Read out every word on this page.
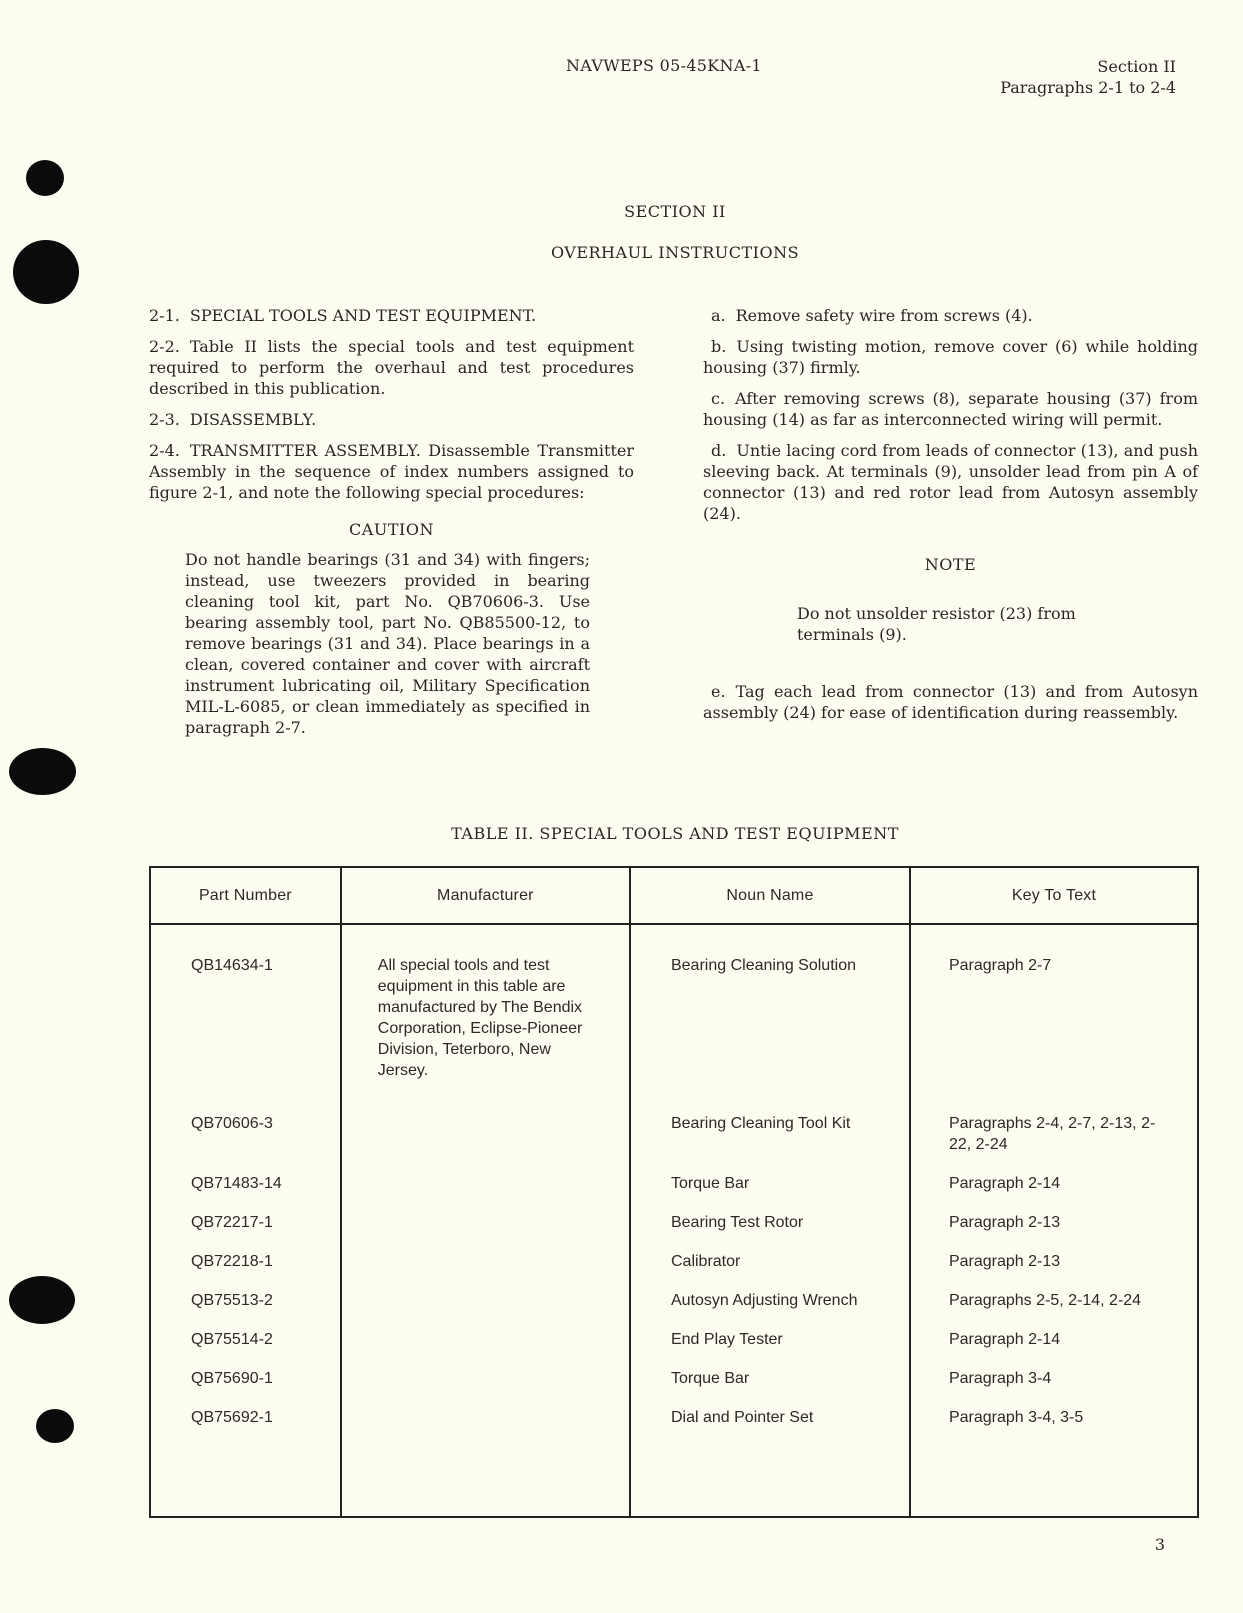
NAVWEPS 05-45KNA-1	Section II
Paragraphs 2-1 to 2-4
SECTION II
OVERHAUL INSTRUCTIONS

2-1. SPECIAL TOOLS AND TEST EQUIPMENT.

2-2. Table II lists the special tools and test equipment required to perform the overhaul and test procedures described in this publication.

2-3. DISASSEMBLY.

2-4. TRANSMITTER ASSEMBLY. Disassemble Transmitter Assembly in the sequence of index numbers assigned to figure 2-1, and note the following special procedures:

CAUTION
Do not handle bearings (31 and 34) with fingers; instead, use tweezers provided in bearing cleaning tool kit, part No. QB70606-3. Use bearing assembly tool, part No. QB85500-12, to remove bearings (31 and 34). Place bearings in a clean, covered container and cover with aircraft instrument lubricating oil, Military Specification MIL-L-6085, or clean immediately as specified in paragraph 2-7.

a. Remove safety wire from screws (4).

b. Using twisting motion, remove cover (6) while holding housing (37) firmly.

c. After removing screws (8), separate housing (37) from housing (14) as far as interconnected wiring will permit.

d. Untie lacing cord from leads of connector (13), and push sleeving back. At terminals (9), unsolder lead from pin A of connector (13) and red rotor lead from Autosyn assembly (24).

NOTE
Do not unsolder resistor (23) from terminals (9).

e. Tag each lead from connector (13) and from Autosyn assembly (24) for ease of identification during reassembly.

TABLE II. SPECIAL TOOLS AND TEST EQUIPMENT
Part Number	Manufacturer	Noun Name	Key To Text
QB14634-1	All special tools and test equipment in this table are manufactured by The Bendix Corporation, Eclipse-Pioneer Division, Teterboro, New Jersey.	Bearing Cleaning Solution	Paragraph 2-7
QB70606-3		Bearing Cleaning Tool Kit	Paragraphs 2-4, 2-7, 2-13, 2-22, 2-24
QB71483-14		Torque Bar	Paragraph 2-14
QB72217-1		Bearing Test Rotor	Paragraph 2-13
QB72218-1		Calibrator	Paragraph 2-13
QB75513-2		Autosyn Adjusting Wrench	Paragraphs 2-5, 2-14, 2-24
QB75514-2		End Play Tester	Paragraph 2-14
QB75690-1		Torque Bar	Paragraph 3-4
QB75692-1		Dial and Pointer Set	Paragraph 3-4, 3-5
3
